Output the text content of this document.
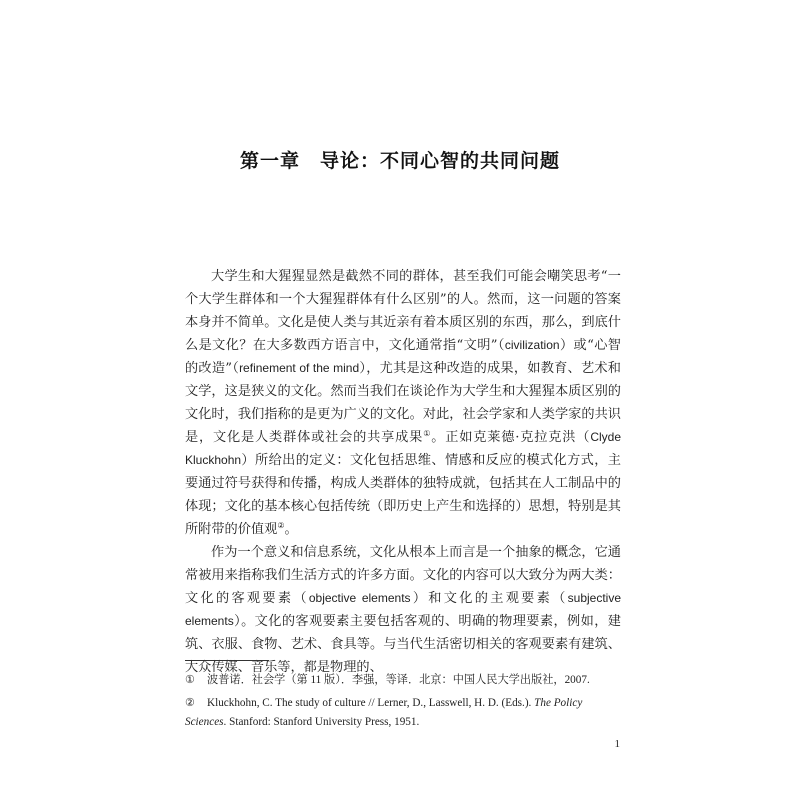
第一章　导论：不同心智的共同问题

大学生和大猩猩显然是截然不同的群体，甚至我们可能会嘲笑思考“一个大学生群体和一个大猩猩群体有什么区别”的人。然而，这一问题的答案本身并不简单。文化是使人类与其近亲有着本质区别的东西，那么，到底什么是文化？在大多数西方语言中，文化通常指“文明”（civilization）或“心智的改造”（refinement of the mind），尤其是这种改造的成果，如教育、艺术和文学，这是狭义的文化。然而当我们在谈论作为大学生和大猩猩本质区别的文化时，我们指称的是更为广义的文化。对此，社会学家和人类学家的共识是，文化是人类群体或社会的共享成果①。正如克莱德·克拉克洪（Clyde Kluckhohn）所给出的定义：文化包括思维、情感和反应的模式化方式，主要通过符号获得和传播，构成人类群体的独特成就，包括其在人工制品中的体现；文化的基本核心包括传统（即历史上产生和选择的）思想，特别是其所附带的价值观②。

作为一个意义和信息系统，文化从根本上而言是一个抽象的概念，它通常被用来指称我们生活方式的许多方面。文化的内容可以大致分为两大类：文化的客观要素（objective elements）和文化的主观要素（subjective elements）。文化的客观要素主要包括客观的、明确的物理要素，例如，建筑、衣服、食物、艺术、食具等。与当代生活密切相关的客观要素有建筑、大众传媒、音乐等，都是物理的、

① 波普诺．社会学（第 11 版）．李强，等译．北京：中国人民大学出版社，2007.

② Kluckhohn, C. The study of culture // Lerner, D., Lasswell, H. D. (Eds.). The Policy Sciences. Stanford: Stanford University Press, 1951.

1
